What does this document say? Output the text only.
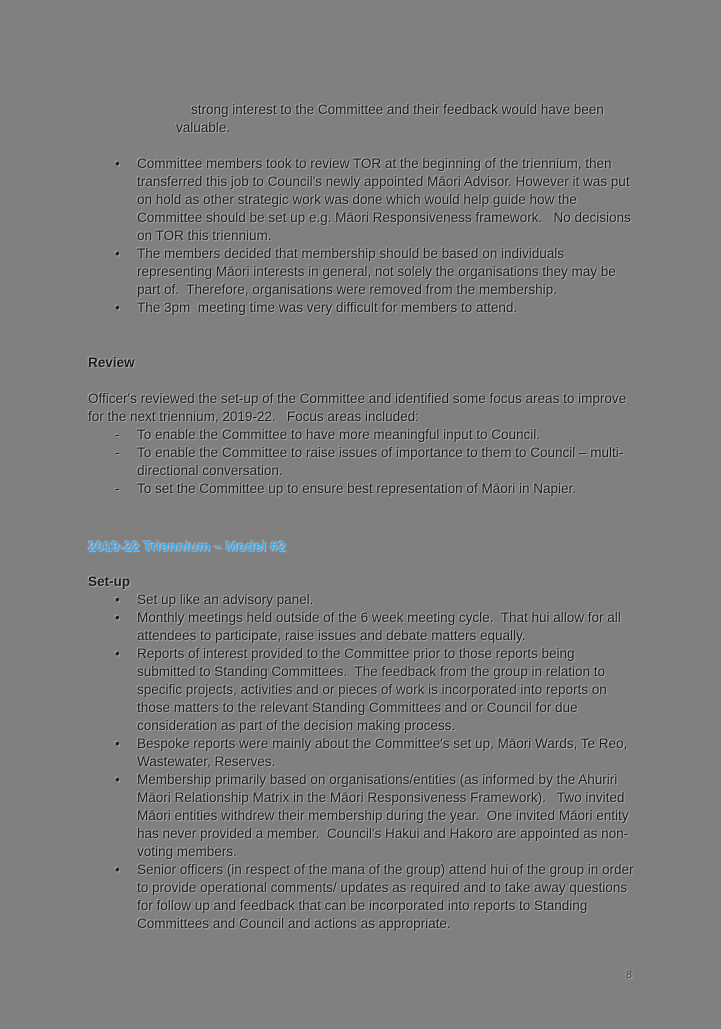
strong interest to the Committee and their feedback would have been valuable.

• Committee members took to review TOR at the beginning of the triennium, then transferred this job to Council's newly appointed Māori Advisor. However it was put on hold as other strategic work was done which would help guide how the Committee should be set up e.g. Māori Responsiveness framework.   No decisions on TOR this triennium.
• The members decided that membership should be based on individuals representing Māori interests in general, not solely the organisations they may be part of.  Therefore, organisations were removed from the membership.
• The 3pm  meeting time was very difficult for members to attend.
Review

Officer's reviewed the set-up of the Committee and identified some focus areas to improve for the next triennium, 2019-22.   Focus areas included:

- To enable the Committee to have more meaningful input to Council.
- To enable the Committee to raise issues of importance to them to Council – multi-directional conversation.
- To set the Committee up to ensure best representation of Māori in Napier.
2019-22 Triennium – Model #2
Set-up
• Set up like an advisory panel.
• Monthly meetings held outside of the 6 week meeting cycle.  That hui allow for all attendees to participate, raise issues and debate matters equally.
• Reports of interest provided to the Committee prior to those reports being submitted to Standing Committees.  The feedback from the group in relation to specific projects, activities and or pieces of work is incorporated into reports on those matters to the relevant Standing Committees and or Council for due consideration as part of the decision making process.
• Bespoke reports were mainly about the Committee's set up, Māori Wards, Te Reo, Wastewater, Reserves.
• Membership primarily based on organisations/entities (as informed by the Ahuriri Māori Relationship Matrix in the Māori Responsiveness Framework).   Two invited Māori entities withdrew their membership during the year.  One invited Māori entity has never provided a member.  Council's Hakui and Hakoro are appointed as non-voting members.
• Senior officers (in respect of the mana of the group) attend hui of the group in order to provide operational comments/ updates as required and to take away questions for follow up and feedback that can be incorporated into reports to Standing Committees and Council and actions as appropriate.
8
